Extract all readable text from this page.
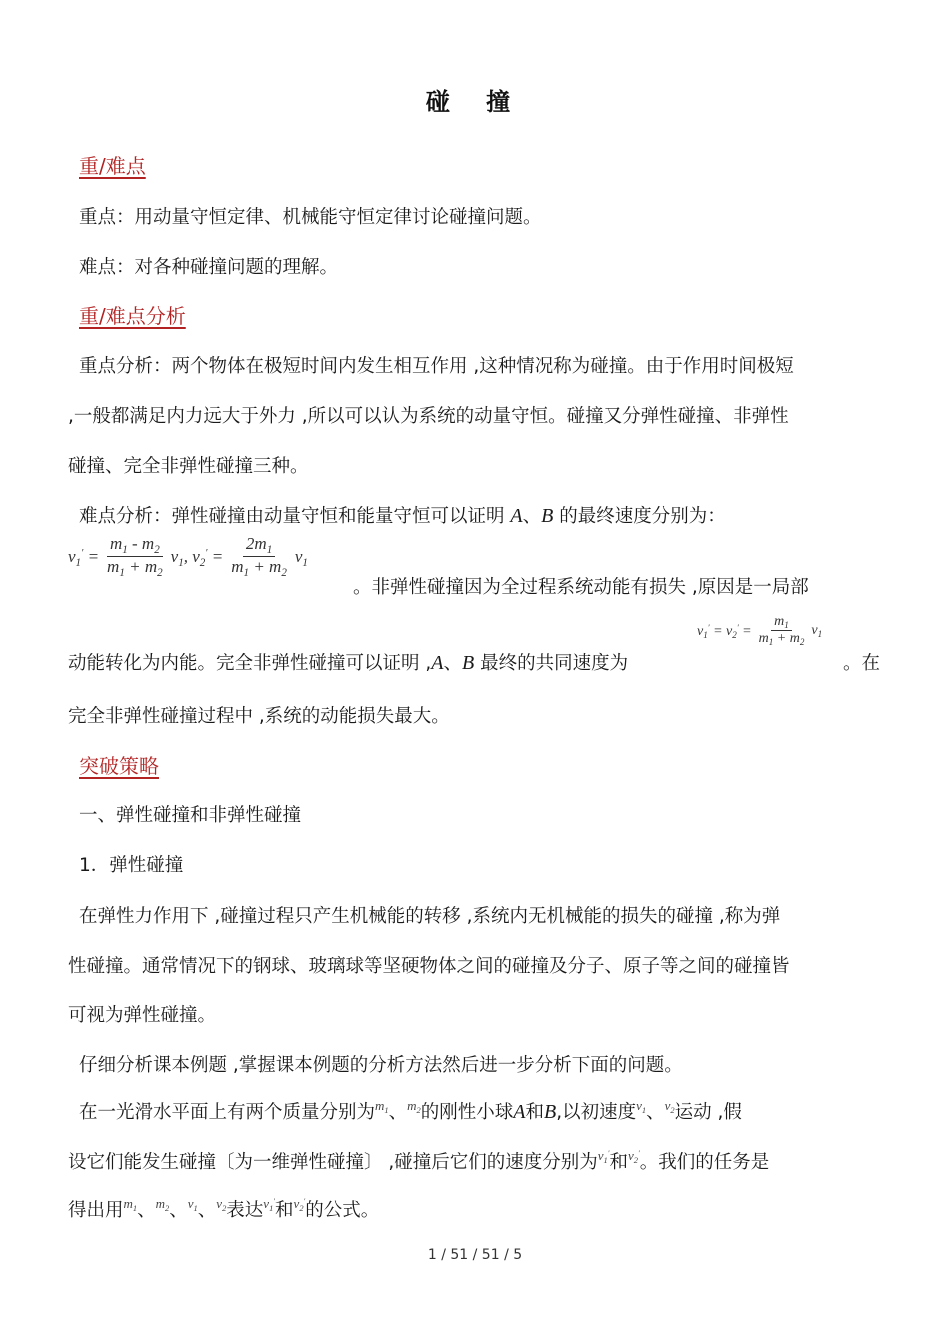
碰 撞
重/难点
重点：用动量守恒定律、机械能守恒定律讨论碰撞问题。
难点：对各种碰撞问题的理解。
重/难点分析
重点分析：两个物体在极短时间内发生相互作用 ,这种情况称为碰撞。由于作用时间极短
,一般都满足内力远大于外力 ,所以可以认为系统的动量守恒。碰撞又分弹性碰撞、非弹性
碰撞、完全非弹性碰撞三种。
难点分析：弹性碰撞由动量守恒和能量守恒可以证明 A、B 的最终速度分别为：
$v_1' = \frac{m_1 - m_2}{m_1 + m_2} v_1$, $v_2' = \frac{2m_1}{m_1 + m_2} v_1$
。非弹性碰撞因为全过程系统动能有损失 ,原因是一局部
动能转化为内能。完全非弹性碰撞可以证明 ,A、B 最终的共同速度为
$v_1' = v_2' = \frac{m_1}{m_1 + m_2} v_1$
。在
完全非弹性碰撞过程中 ,系统的动能损失最大。
突破策略
一、弹性碰撞和非弹性碰撞
1．弹性碰撞
在弹性力作用下 ,碰撞过程只产生机械能的转移 ,系统内无机械能的损失的碰撞 ,称为弹
性碰撞。通常情况下的钢球、玻璃球等坚硬物体之间的碰撞及分子、原子等之间的碰撞皆
可视为弹性碰撞。
仔细分析课本例题 ,掌握课本例题的分析方法然后进一步分析下面的问题。
在一光滑水平面上有两个质量分别为$^{m_1}$、$^{m_2}$的刚性小球A和B,以初速度$^{v_1}$、$^{v_2}$运动 ,假
设它们能发生碰撞〔为一维弹性碰撞〕 ,碰撞后它们的速度分别为$^{v_1'}$和$^{v_2'}$。我们的任务是
得出用$^{m_1}$、$^{m_2}$、$^{v_1}$、$^{v_2}$表达$^{v_1'}$和$^{v_2'}$的公式。
1 / 51 / 51 / 5
